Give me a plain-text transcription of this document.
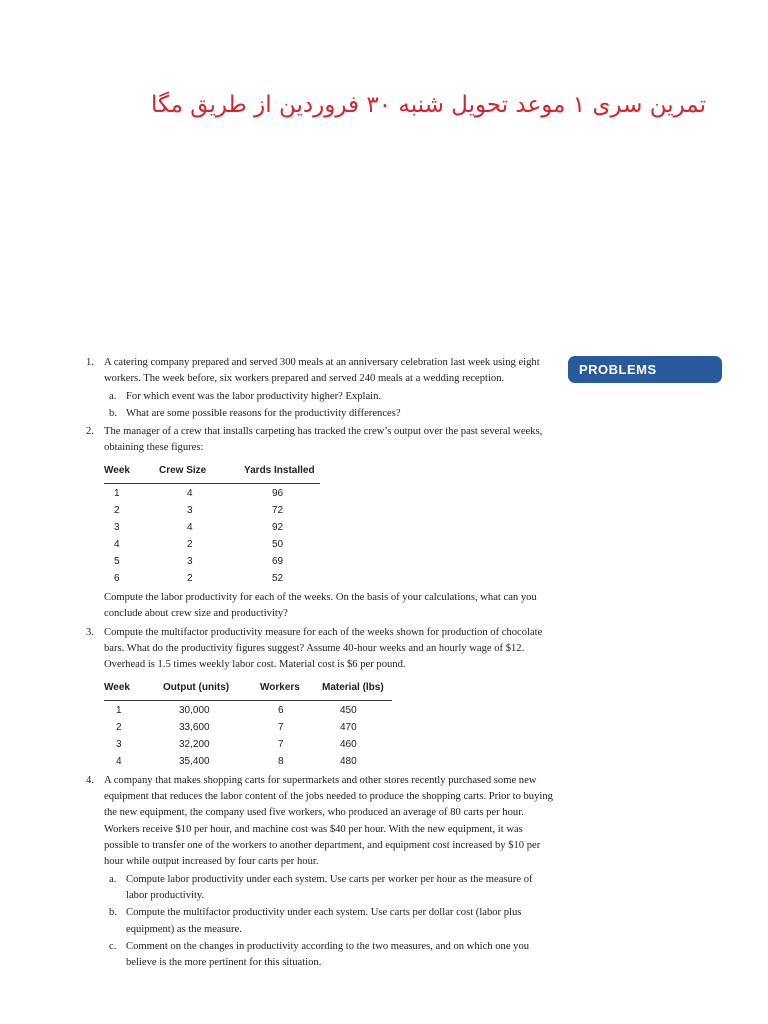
تمرین سری ۱ موعد تحویل شنبه ۳۰ فروردین از طریق مگا
PROBLEMS
1. A catering company prepared and served 300 meals at an anniversary celebration last week using eight workers. The week before, six workers prepared and served 240 meals at a wedding reception.
a. For which event was the labor productivity higher? Explain.
b. What are some possible reasons for the productivity differences?
2. The manager of a crew that installs carpeting has tracked the crew’s output over the past several weeks, obtaining these figures:
Week	Crew Size	Yards Installed
1	4	96
2	3	72
3	4	92
4	2	50
5	3	69
6	2	52
Compute the labor productivity for each of the weeks. On the basis of your calculations, what can you conclude about crew size and productivity?
3. Compute the multifactor productivity measure for each of the weeks shown for production of chocolate bars. What do the productivity figures suggest? Assume 40-hour weeks and an hourly wage of $12. Overhead is 1.5 times weekly labor cost. Material cost is $6 per pound.
Week	Output (units)	Workers	Material (lbs)
1	30,000	6	450
2	33,600	7	470
3	32,200	7	460
4	35,400	8	480
4. A company that makes shopping carts for supermarkets and other stores recently purchased some new equipment that reduces the labor content of the jobs needed to produce the shopping carts. Prior to buying the new equipment, the company used five workers, who produced an average of 80 carts per hour. Workers receive $10 per hour, and machine cost was $40 per hour. With the new equipment, it was possible to transfer one of the workers to another department, and equipment cost increased by $10 per hour while output increased by four carts per hour.
a. Compute labor productivity under each system. Use carts per worker per hour as the measure of labor productivity.
b. Compute the multifactor productivity under each system. Use carts per dollar cost (labor plus equipment) as the measure.
c. Comment on the changes in productivity according to the two measures, and on which one you believe is the more pertinent for this situation.
